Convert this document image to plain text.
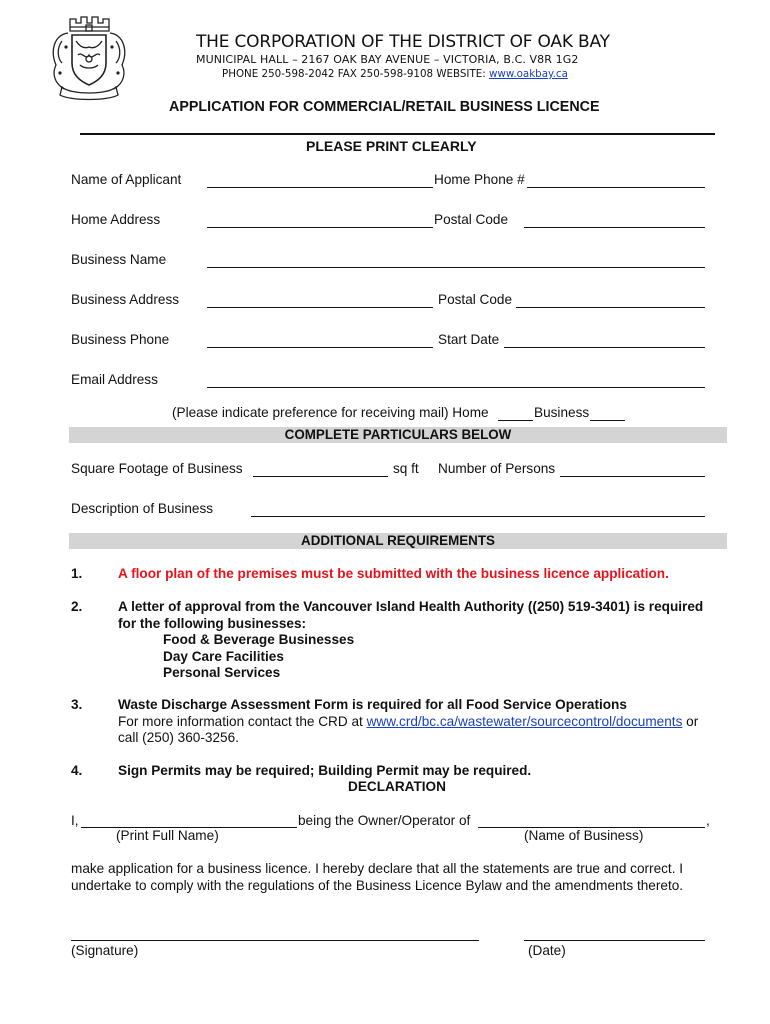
THE CORPORATION OF THE DISTRICT OF OAK BAY
MUNICIPAL HALL – 2167 OAK BAY AVENUE – VICTORIA, B.C. V8R 1G2
PHONE 250-598-2042 FAX 250-598-9108 WEBSITE: www.oakbay.ca
APPLICATION FOR COMMERCIAL/RETAIL BUSINESS LICENCE
PLEASE PRINT CLEARLY
Name of Applicant	Home Phone #
Home Address	Postal Code
Business Name
Business Address	Postal Code
Business Phone	Start Date
Email Address
(Please indicate preference for receiving mail) Home	Business
COMPLETE PARTICULARS BELOW
Square Footage of Business	sq ft Number of Persons
Description of Business
ADDITIONAL REQUIREMENTS
1.	A floor plan of the premises must be submitted with the business licence application.
2.	A letter of approval from the Vancouver Island Health Authority ((250) 519-3401) is required
for the following businesses:
Food & Beverage Businesses
Day Care Facilities
Personal Services
3.	Waste Discharge Assessment Form is required for all Food Service Operations
For more information contact the CRD at www.crd/bc.ca/wastewater/sourcecontrol/documents or
call (250) 360-3256.
4.	Sign Permits may be required; Building Permit may be required.
DECLARATION
I,	being the Owner/Operator of	,
(Print Full Name)	(Name of Business)
make application for a business licence. I hereby declare that all the statements are true and correct. I
undertake to comply with the regulations of the Business Licence Bylaw and the amendments thereto.
(Signature)	(Date)
